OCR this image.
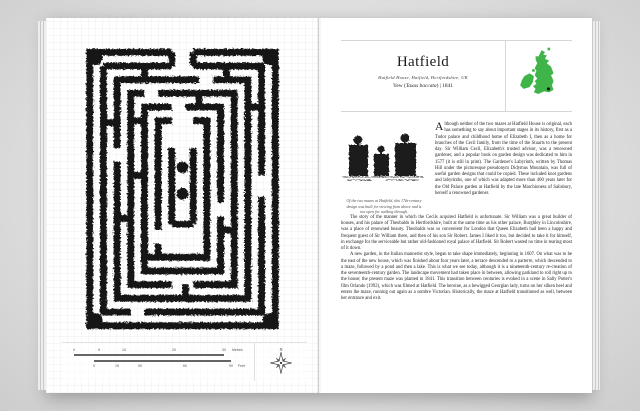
0	5	10	20	30 Metres
0	15	30	60	90 Feet
N
Hatfield
Hatfield House, Hatfield, Hertfordshire, UK
Yew (Taxus baccata) | 1841
Of the two mazes at Hatfield, this 17th-century design was built for viewing from above and is not open for walking through.

Although neither of the two mazes at Hatfield House is original, each has something to say about important stages in its history, first as a Tudor palace and childhood home of Elizabeth I, then as a home for branches of the Cecil family, from the time of the Stuarts to the present day. Sir William Cecil, Elizabeth's trusted advisor, was a renowned gardener, and a popular book on garden design was dedicated to him in 1577 (it is still in print). The Gardener's Labyrinth, written by Thomas Hill under the picturesque pseudonym Didymus Mountain, was full of useful garden designs that could be copied. These included knot gardens and labyrinths, one of which was adapted more than 400 years later for the Old Palace garden at Hatfield by the late Marchioness of Salisbury, herself a renowned gardener.

The story of the manner in which the Cecils acquired Hatfield is unfortunate. Sir William was a great builder of houses, and his palace of Theobalds in Hertfordshire, built at the same time as his other palace, Burghley in Lincolnshire, was a place of renowned beauty. Theobalds was so convenient for London that Queen Elizabeth had been a happy and frequent guest of Sir William there, and then of his son Sir Robert. James I liked it too, but decided to take it for himself, in exchange for the serviceable but rather old-fashioned royal palace of Hatfield. Sir Robert wasted no time in tearing most of it down.

A new garden, in the Italian mannerist style, began to take shape immediately, beginning in 1607. On what was to be the east of the new house, which was finished about four years later, a terrace descended to a parterre, which descended to a maze, followed by a pond and then a lake. This is what we see today, although it is a nineteenth-century re-creation of the seventeenth-century garden. The landscape movement had taken place in between, allowing parkland to roll right up to the house; the present maze was planted in 1841. This transition between centuries is evoked in a scene in Sally Potter's film Orlando (1992), which was filmed at Hatfield. The heroine, as a bewigged Georgian lady, turns on her silken heel and enters the maze, running out again as a sombre Victorian. Historically, the maze at Hatfield transitioned as well, between her entrance and exit.
